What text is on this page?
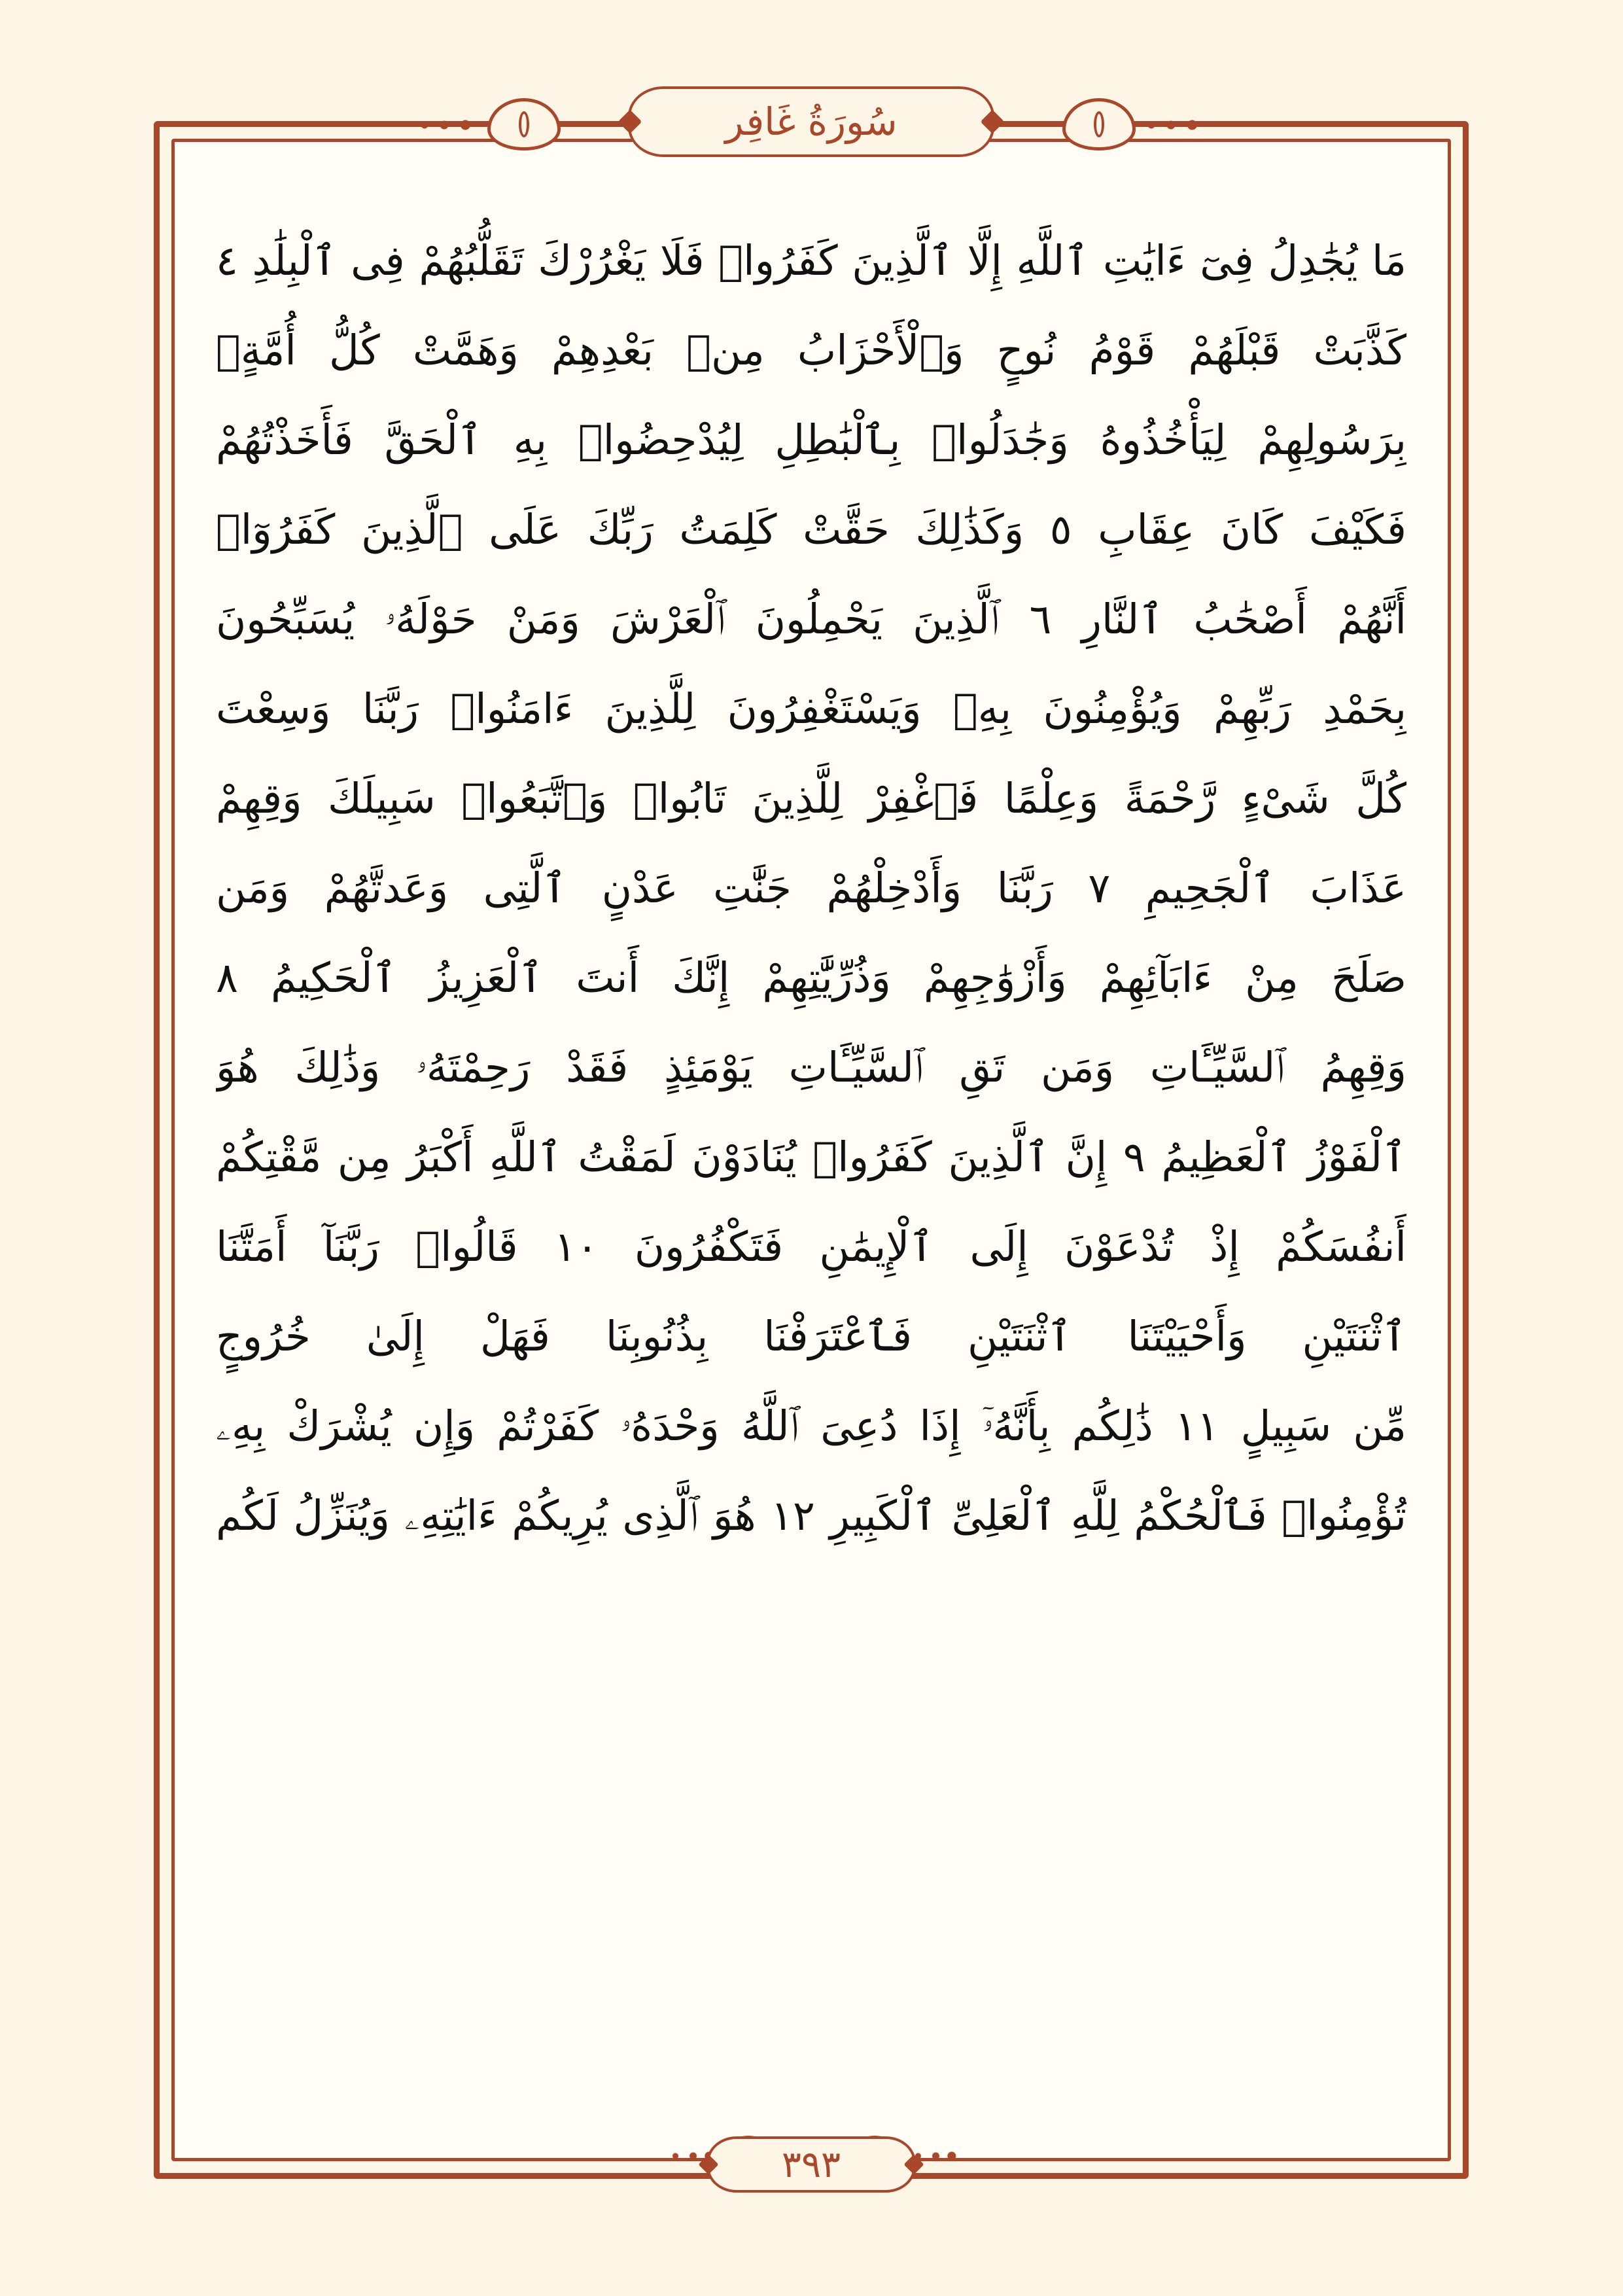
سُورَةُ غَافِر
مَا يُجَٰدِلُ فِىٓ ءَايَٰتِ ٱللَّهِ إِلَّا ٱلَّذِينَ كَفَرُوا۟ فَلَا يَغْرُرْكَ تَقَلُّبُهُمْ فِى ٱلْبِلَٰدِ ٤
كَذَّبَتْ قَبْلَهُمْ قَوْمُ نُوحٍ وَٱلْأَحْزَابُ مِنۢ بَعْدِهِمْ وَهَمَّتْ كُلُّ أُمَّةٍۭ
بِرَسُولِهِمْ لِيَأْخُذُوهُ وَجَٰدَلُوا۟ بِٱلْبَٰطِلِ لِيُدْحِضُوا۟ بِهِ ٱلْحَقَّ فَأَخَذْتُهُمْ
فَكَيْفَ كَانَ عِقَابِ ٥ وَكَذَٰلِكَ حَقَّتْ كَلِمَتُ رَبِّكَ عَلَى ٱلَّذِينَ كَفَرُوٓا۟
أَنَّهُمْ أَصْحَٰبُ ٱلنَّارِ ٦ ٱلَّذِينَ يَحْمِلُونَ ٱلْعَرْشَ وَمَنْ حَوْلَهُۥ يُسَبِّحُونَ
بِحَمْدِ رَبِّهِمْ وَيُؤْمِنُونَ بِهِۦ وَيَسْتَغْفِرُونَ لِلَّذِينَ ءَامَنُوا۟ رَبَّنَا وَسِعْتَ
كُلَّ شَىْءٍ رَّحْمَةً وَعِلْمًا فَٱغْفِرْ لِلَّذِينَ تَابُوا۟ وَٱتَّبَعُوا۟ سَبِيلَكَ وَقِهِمْ
عَذَابَ ٱلْجَحِيمِ ٧ رَبَّنَا وَأَدْخِلْهُمْ جَنَّٰتِ عَدْنٍ ٱلَّتِى وَعَدتَّهُمْ وَمَن
صَلَحَ مِنْ ءَابَآئِهِمْ وَأَزْوَٰجِهِمْ وَذُرِّيَّٰتِهِمْ إِنَّكَ أَنتَ ٱلْعَزِيزُ ٱلْحَكِيمُ ٨
وَقِهِمُ ٱلسَّيِّـَٔاتِ وَمَن تَقِ ٱلسَّيِّـَٔاتِ يَوْمَئِذٍ فَقَدْ رَحِمْتَهُۥ وَذَٰلِكَ هُوَ
ٱلْفَوْزُ ٱلْعَظِيمُ ٩ إِنَّ ٱلَّذِينَ كَفَرُوا۟ يُنَادَوْنَ لَمَقْتُ ٱللَّهِ أَكْبَرُ مِن مَّقْتِكُمْ
أَنفُسَكُمْ إِذْ تُدْعَوْنَ إِلَى ٱلْإِيمَٰنِ فَتَكْفُرُونَ ١٠ قَالُوا۟ رَبَّنَآ أَمَتَّنَا
ٱثْنَتَيْنِ وَأَحْيَيْتَنَا ٱثْنَتَيْنِ فَٱعْتَرَفْنَا بِذُنُوبِنَا فَهَلْ إِلَىٰ خُرُوجٍ
مِّن سَبِيلٍ ١١ ذَٰلِكُم بِأَنَّهُۥٓ إِذَا دُعِىَ ٱللَّهُ وَحْدَهُۥ كَفَرْتُمْ وَإِن يُشْرَكْ بِهِۦ
تُؤْمِنُوا۟ فَٱلْحُكْمُ لِلَّهِ ٱلْعَلِىِّ ٱلْكَبِيرِ ١٢ هُوَ ٱلَّذِى يُرِيكُمْ ءَايَٰتِهِۦ وَيُنَزِّلُ لَكُم
٣٩٣
